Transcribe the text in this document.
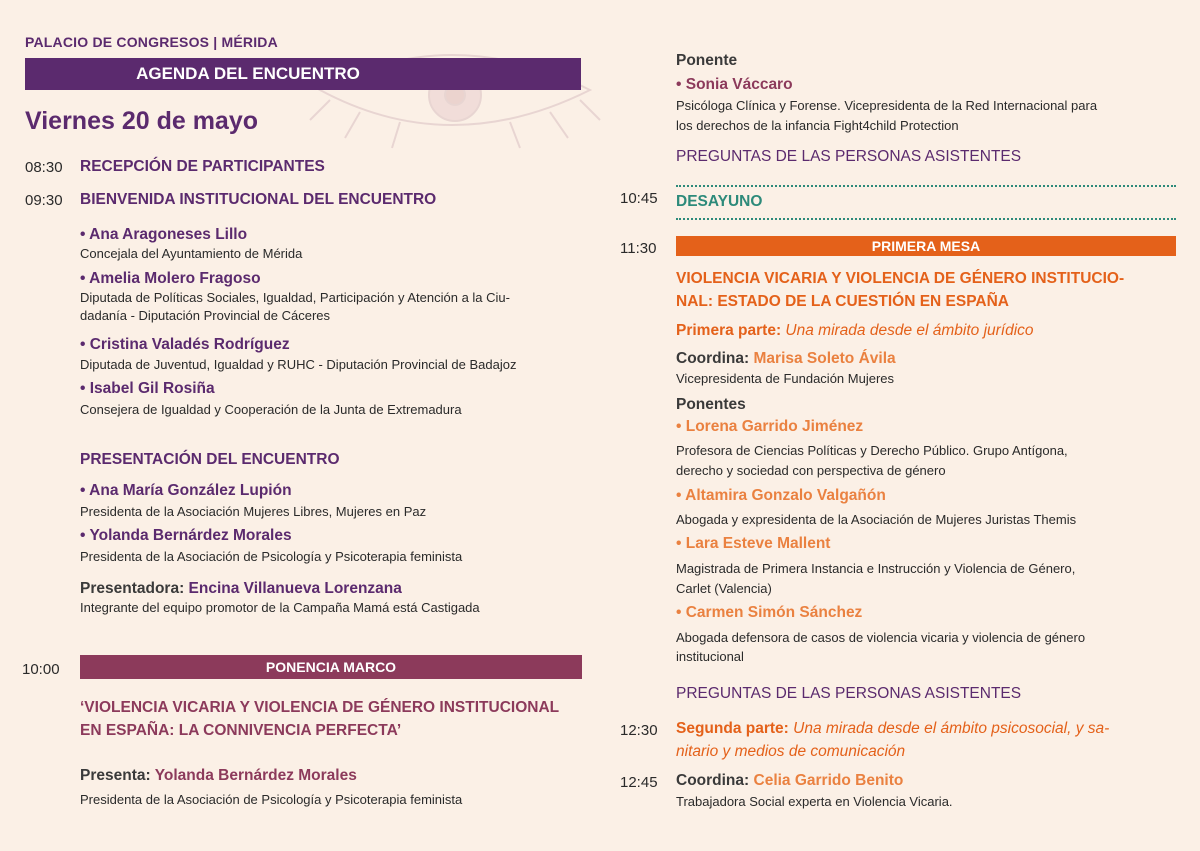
PALACIO DE CONGRESOS | MÉRIDA
AGENDA DEL ENCUENTRO
Viernes 20 de mayo
08:30 RECEPCIÓN DE PARTICIPANTES
09:30 BIENVENIDA INSTITUCIONAL DEL ENCUENTRO
• Ana Aragoneses Lillo
Concejala del Ayuntamiento de Mérida
• Amelia Molero Fragoso
Diputada de Políticas Sociales, Igualdad, Participación y Atención a la Ciu-
dadanía - Diputación Provincial de Cáceres
• Cristina Valadés Rodríguez
Diputada de Juventud, Igualdad y RUHC - Diputación Provincial de Badajoz
• Isabel Gil Rosiña
Consejera de Igualdad y Cooperación de la Junta de Extremadura
PRESENTACIÓN DEL ENCUENTRO
• Ana María González Lupión
Presidenta de la Asociación Mujeres Libres, Mujeres en Paz
• Yolanda Bernárdez Morales
Presidenta de la Asociación de Psicología y Psicoterapia feminista
Presentadora: Encina Villanueva Lorenzana
Integrante del equipo promotor de la Campaña Mamá está Castigada
10:00	PONENCIA MARCO
‘VIOLENCIA VICARIA Y VIOLENCIA DE GÉNERO INSTITUCIONAL
EN ESPAÑA: LA CONNIVENCIA PERFECTA’
Presenta: Yolanda Bernárdez Morales
Presidenta de la Asociación de Psicología y Psicoterapia feminista
Ponente
• Sonia Váccaro
Psicóloga Clínica y Forense. Vicepresidenta de la Red Internacional para
los derechos de la infancia Fight4child Protection
PREGUNTAS DE LAS PERSONAS ASISTENTES
10:45 DESAYUNO
11:30	PRIMERA MESA
VIOLENCIA VICARIA Y VIOLENCIA DE GÉNERO INSTITUCIO-
NAL: ESTADO DE LA CUESTIÓN EN ESPAÑA
Primera parte: Una mirada desde el ámbito jurídico
Coordina: Marisa Soleto Ávila
Vicepresidenta de Fundación Mujeres
Ponentes
• Lorena Garrido Jiménez
Profesora de Ciencias Políticas y Derecho Público. Grupo Antígona,
derecho y sociedad con perspectiva de género
• Altamira Gonzalo Valgañón
Abogada y expresidenta de la Asociación de Mujeres Juristas Themis
• Lara Esteve Mallent
Magistrada de Primera Instancia e Instrucción y Violencia de Género,
Carlet (Valencia)
• Carmen Simón Sánchez
Abogada defensora de casos de violencia vicaria y violencia de género
institucional
PREGUNTAS DE LAS PERSONAS ASISTENTES
12:30 Segunda parte: Una mirada desde el ámbito psicosocial, y sa-
nitario y medios de comunicación
12:45 Coordina: Celia Garrido Benito
Trabajadora Social experta en Violencia Vicaria.
